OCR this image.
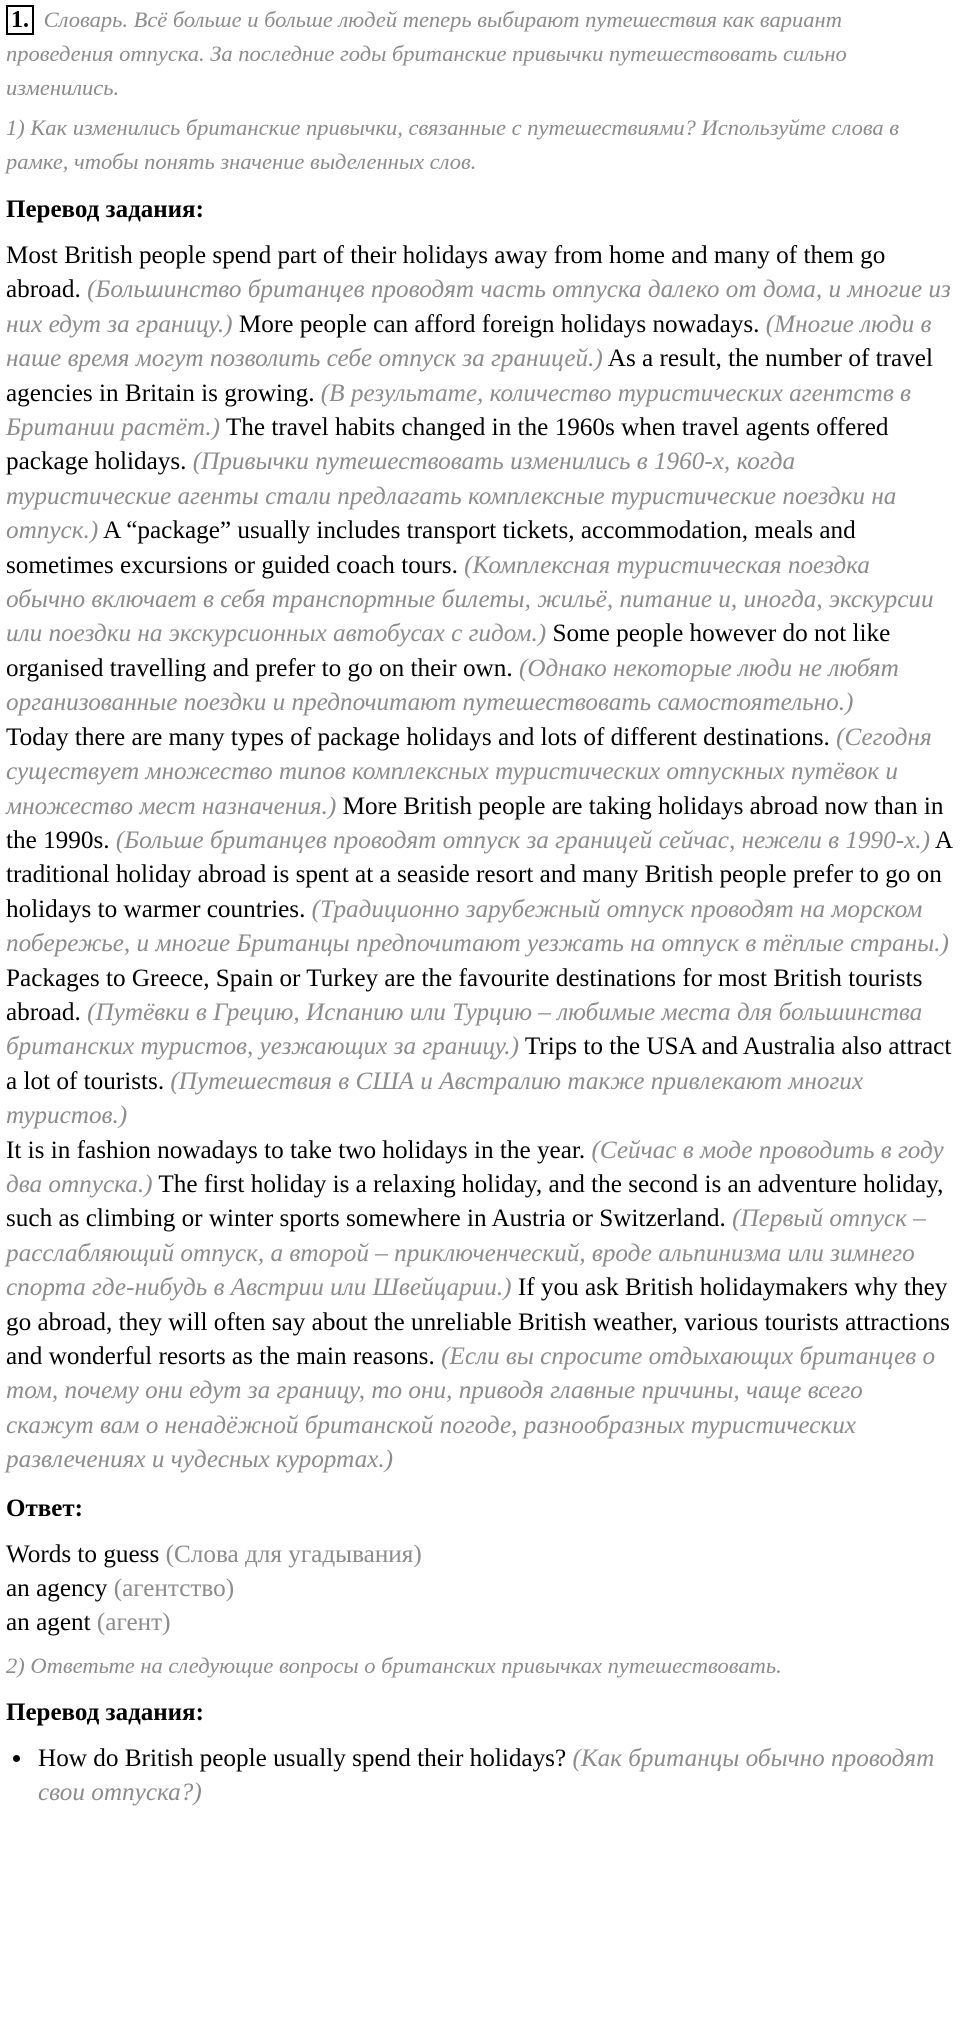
1. Словарь. Всё больше и больше людей теперь выбирают путешествия как вариант проведения отпуска. За последние годы британские привычки путешествовать сильно изменились.

1) Как изменились британские привычки, связанные с путешествиями? Используйте слова в рамке, чтобы понять значение выделенных слов.

Перевод задания:

Most British people spend part of their holidays away from home and many of them go abroad. (Большинство британцев проводят часть отпуска далеко от дома, и многие из них едут за границу.) More people can afford foreign holidays nowadays. (Многие люди в наше время могут позволить себе отпуск за границей.) As a result, the number of travel agencies in Britain is growing. (В результате, количество туристических агентств в Британии растёт.) The travel habits changed in the 1960s when travel agents offered package holidays. (Привычки путешествовать изменились в 1960-х, когда туристические агенты стали предлагать комплексные туристические поездки на отпуск.) A “package” usually includes transport tickets, accommodation, meals and sometimes excursions or guided coach tours. (Комплексная туристическая поездка обычно включает в себя транспортные билеты, жильё, питание и, иногда, экскурсии или поездки на экскурсионных автобусах с гидом.) Some people however do not like organised travelling and prefer to go on their own. (Однако некоторые люди не любят организованные поездки и предпочитают путешествовать самостоятельно.)

Today there are many types of package holidays and lots of different destinations. (Сегодня существует множество типов комплексных туристических отпускных путёвок и множество мест назначения.) More British people are taking holidays abroad now than in the 1990s. (Больше британцев проводят отпуск за границей сейчас, нежели в 1990-х.) A traditional holiday abroad is spent at a seaside resort and many British people prefer to go on holidays to warmer countries. (Традиционно зарубежный отпуск проводят на морском побережье, и многие Британцы предпочитают уезжать на отпуск в тёплые страны.) Packages to Greece, Spain or Turkey are the favourite destinations for most British tourists abroad. (Путёвки в Грецию, Испанию или Турцию – любимые места для большинства британских туристов, уезжающих за границу.) Trips to the USA and Australia also attract a lot of tourists. (Путешествия в США и Австралию также привлекают многих туристов.)

It is in fashion nowadays to take two holidays in the year. (Сейчас в моде проводить в году два отпуска.) The first holiday is a relaxing holiday, and the second is an adventure holiday, such as climbing or winter sports somewhere in Austria or Switzerland. (Первый отпуск – расслабляющий отпуск, а второй – приключенческий, вроде альпинизма или зимнего спорта где-нибудь в Австрии или Швейцарии.) If you ask British holidaymakers why they go abroad, they will often say about the unreliable British weather, various tourists attractions and wonderful resorts as the main reasons. (Если вы спросите отдыхающих британцев о том, почему они едут за границу, то они, приводя главные причины, чаще всего скажут вам о ненадёжной британской погоде, разнообразных туристических развлечениях и чудесных курортах.)

Ответ:
Words to guess (Слова для угадывания)
an agency (агентство)
an agent (агент)

2) Ответьте на следующие вопросы о британских привычках путешествовать.

Перевод задания:
• How do British people usually spend their holidays? (Как британцы обычно проводят свои отпуска?)
